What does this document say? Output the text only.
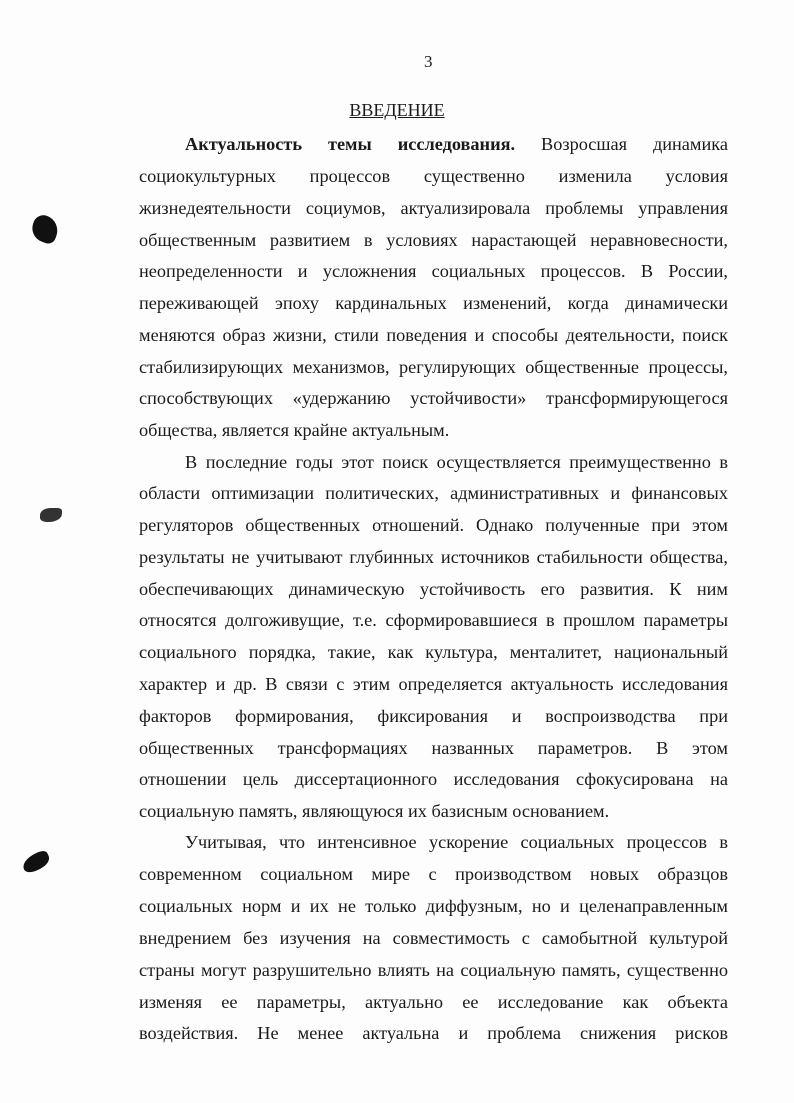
3
ВВЕДЕНИЕ
Актуальность темы исследования. Возросшая динамика
социокультурных процессов существенно изменила условия
жизнедеятельности социумов, актуализировала проблемы управления
общественным развитием в условиях нарастающей неравновесности,
неопределенности и усложнения социальных процессов. В России,
переживающей эпоху кардинальных изменений, когда динамически
меняются образ жизни, стили поведения и способы деятельности, поиск
стабилизирующих механизмов, регулирующих общественные процессы,
способствующих «удержанию устойчивости» трансформирующегося
общества, является крайне актуальным.
В последние годы этот поиск осуществляется преимущественно в
области оптимизации политических, административных и финансовых
регуляторов общественных отношений. Однако полученные при этом
результаты не учитывают глубинных источников стабильности общества,
обеспечивающих динамическую устойчивость его развития. К ним
относятся долгоживущие, т.е. сформировавшиеся в прошлом параметры
социального порядка, такие, как культура, менталитет, национальный
характер и др. В связи с этим определяется актуальность исследования
факторов формирования, фиксирования и воспроизводства при
общественных трансформациях названных параметров. В этом
отношении цель диссертационного исследования сфокусирована на
социальную память, являющуюся их базисным основанием.
Учитывая, что интенсивное ускорение социальных процессов в
современном социальном мире с производством новых образцов
социальных норм и их не только диффузным, но и целенаправленным
внедрением без изучения на совместимость с самобытной культурой
страны могут разрушительно влиять на социальную память, существенно
изменяя ее параметры, актуально ее исследование как объекта
воздействия. Не менее актуальна и проблема снижения рисков
